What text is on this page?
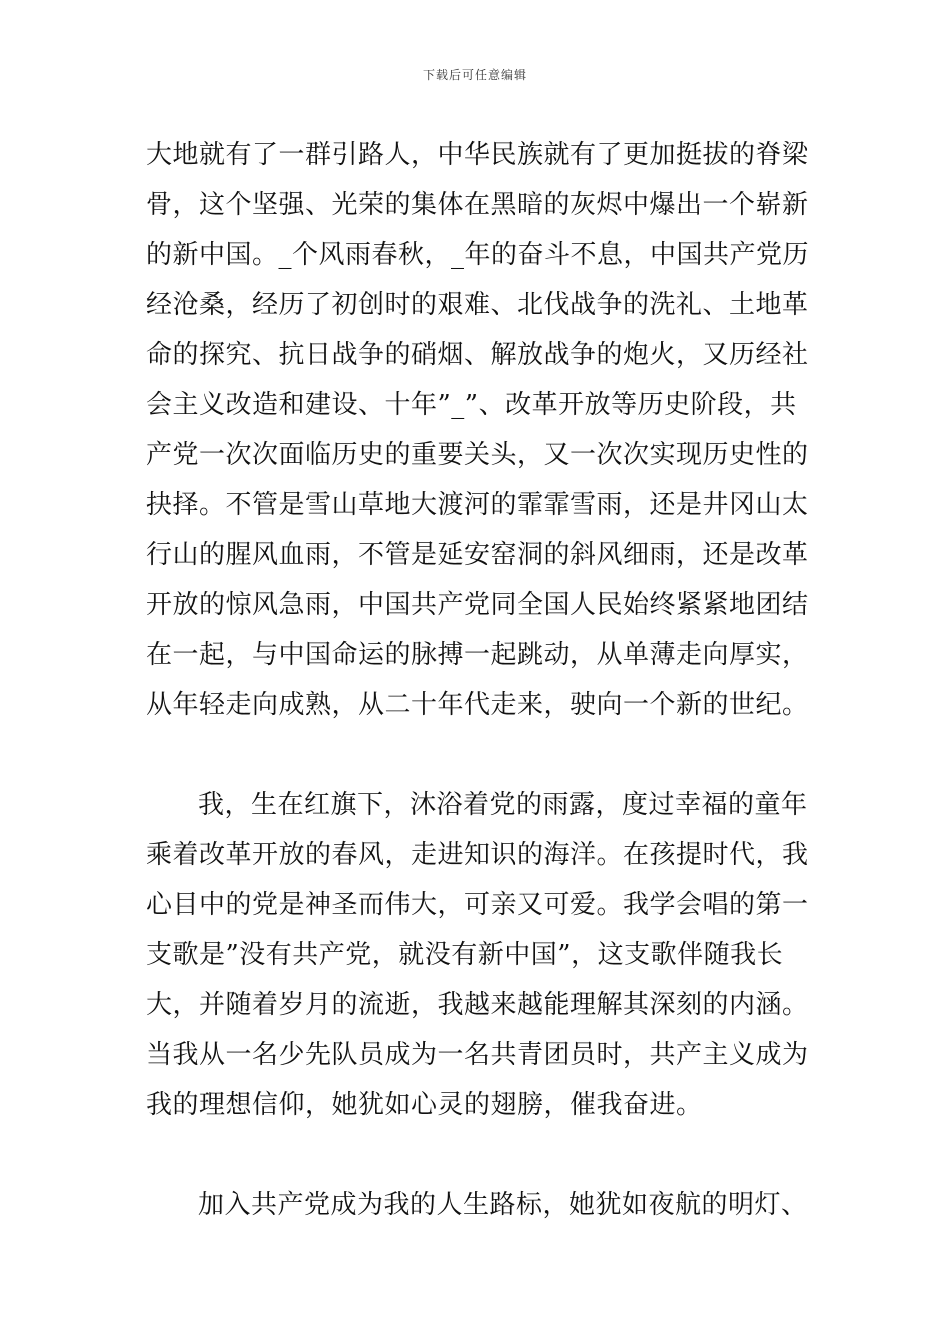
下载后可任意编辑
大地就有了一群引路人，中华民族就有了更加挺拔的脊梁
骨，这个坚强、光荣的集体在黑暗的灰烬中爆出一个崭新
的新中国。_个风雨春秋，_年的奋斗不息，中国共产党历
经沧桑，经历了初创时的艰难、北伐战争的洗礼、土地革
命的探究、抗日战争的硝烟、解放战争的炮火，又历经社
会主义改造和建设、十年”_”、改革开放等历史阶段，共
产党一次次面临历史的重要关头，又一次次实现历史性的
抉择。不管是雪山草地大渡河的霏霏雪雨，还是井冈山太
行山的腥风血雨，不管是延安窑洞的斜风细雨，还是改革
开放的惊风急雨，中国共产党同全国人民始终紧紧地团结
在一起，与中国命运的脉搏一起跳动，从单薄走向厚实，
从年轻走向成熟，从二十年代走来，驶向一个新的世纪。
我，生在红旗下，沐浴着党的雨露，度过幸福的童年
乘着改革开放的春风，走进知识的海洋。在孩提时代，我
心目中的党是神圣而伟大，可亲又可爱。我学会唱的第一
支歌是”没有共产党，就没有新中国”，这支歌伴随我长
大，并随着岁月的流逝，我越来越能理解其深刻的内涵。
当我从一名少先队员成为一名共青团员时，共产主义成为
我的理想信仰，她犹如心灵的翅膀，催我奋进。
加入共产党成为我的人生路标，她犹如夜航的明灯、
